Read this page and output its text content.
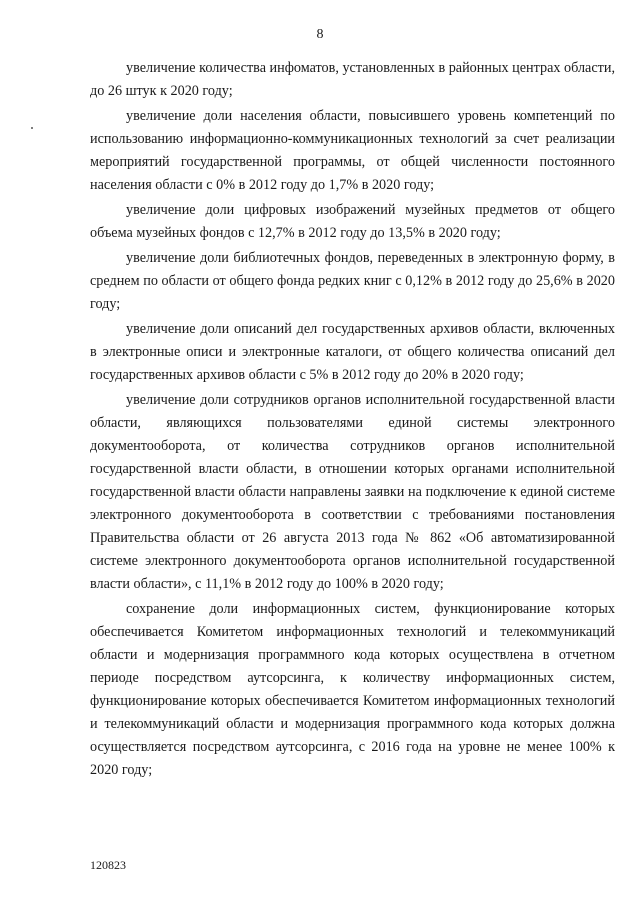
8

увеличение количества инфоматов, установленных в районных центрах области, до 26 штук к 2020 году;

увеличение доли населения области, повысившего уровень компетенций по использованию информационно-коммуникационных технологий за счет реализации мероприятий государственной программы, от общей численности постоянного населения области с 0% в 2012 году до 1,7% в 2020 году;

увеличение доли цифровых изображений музейных предметов от общего объема музейных фондов с 12,7% в 2012 году до 13,5% в 2020 году;

увеличение доли библиотечных фондов, переведенных в электронную форму, в среднем по области от общего фонда редких книг с 0,12% в 2012 году до 25,6% в 2020 году;

увеличение доли описаний дел государственных архивов области, включенных в электронные описи и электронные каталоги, от общего количества описаний дел государственных архивов области с 5% в 2012 году до 20% в 2020 году;

увеличение доли сотрудников органов исполнительной государственной власти области, являющихся пользователями единой системы электронного документооборота, от количества сотрудников органов исполнительной государственной власти области, в отношении которых органами исполнительной государственной власти области направлены заявки на подключение к единой системе электронного документооборота в соответствии с требованиями постановления Правительства области от 26 августа 2013 года № 862 «Об автоматизированной системе электронного документооборота органов исполнительной государственной власти области», с 11,1% в 2012 году до 100% в 2020 году;

сохранение доли информационных систем, функционирование которых обеспечивается Комитетом информационных технологий и телекоммуникаций области и модернизация программного кода которых осуществлена в отчетном периоде посредством аутсорсинга, к количеству информационных систем, функционирование которых обеспечивается Комитетом информационных технологий и телекоммуникаций области и модернизация программного кода которых должна осуществляется посредством аутсорсинга, с 2016 года на уровне не менее 100% к 2020 году;

120823
